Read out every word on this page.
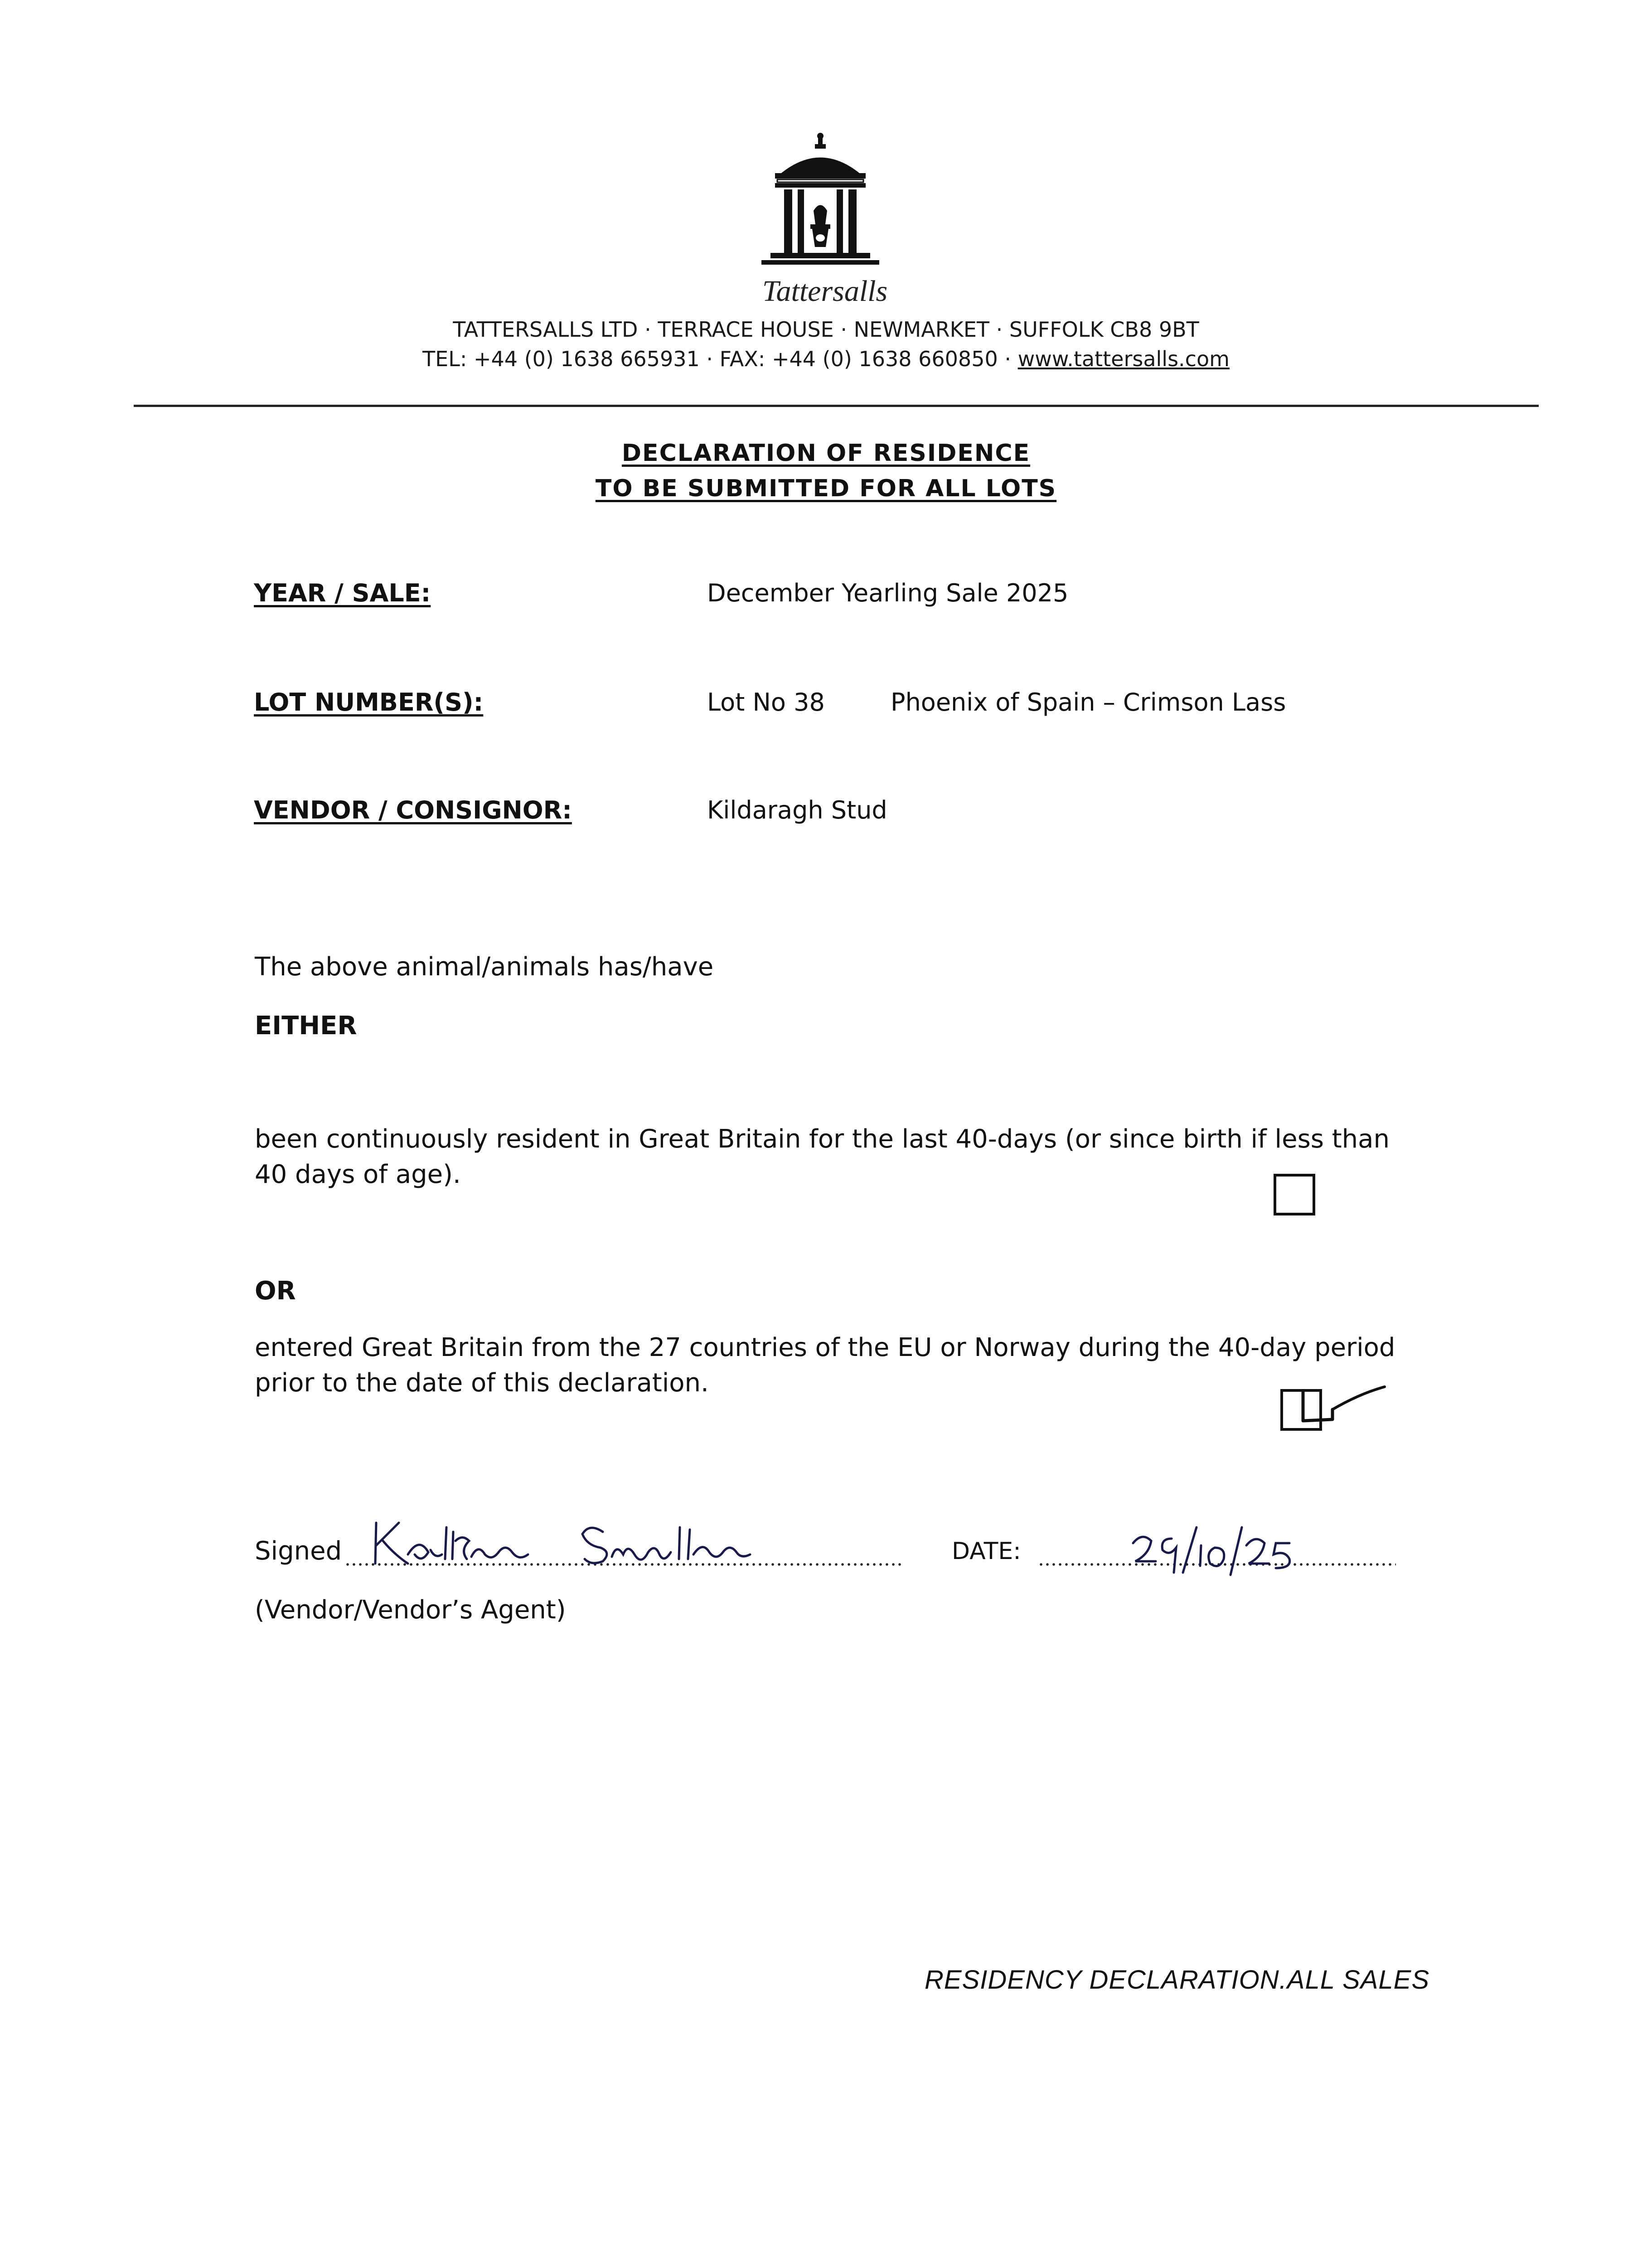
Tattersalls
TATTERSALLS LTD · TERRACE HOUSE · NEWMARKET · SUFFOLK CB8 9BT
TEL: +44 (0) 1638 665931 · FAX: +44 (0) 1638 660850 · www.tattersalls.com
DECLARATION OF RESIDENCE
TO BE SUBMITTED FOR ALL LOTS
YEAR / SALE:	December Yearling Sale 2025
LOT NUMBER(S):	Lot No 38	Phoenix of Spain – Crimson Lass
VENDOR / CONSIGNOR:	Kildaragh Stud
The above animal/animals has/have
EITHER
been continuously resident in Great Britain for the last 40-days (or since birth if less than 40 days of age).
OR
entered Great Britain from the 27 countries of the EU or Norway during the 40-day period prior to the date of this declaration.
Signed	DATE:
(Vendor/Vendor’s Agent)
RESIDENCY DECLARATION.ALL SALES
